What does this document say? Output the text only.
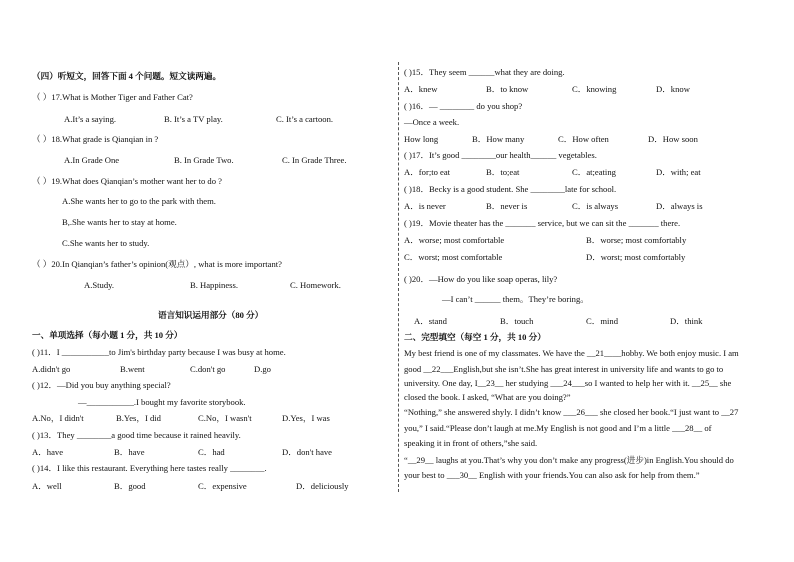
（四）听短文，回答下面 4 个问题。短文读两遍。
（ ）17.What is Mother Tiger and Father Cat?
A.It’s a saying.	B. It’s a TV play.	C. It’s a cartoon.
（ ）18.What grade is Qianqian in ?
A.In Grade One	B. In Grade Two.	C. In Grade Three.
（ ）19.What does Qianqian’s mother want her to do ?
A.She wants her to go to the park with them.
B,.She wants her to stay at home.
C.She wants her to study.
（ ）20.In Qianqian’s father’s opinion(观点）, what is more important?
A.Study.	B. Happiness.	C. Homework.
语言知识运用部分（80 分）
一、单项选择（每小题 1 分，共 10 分）
( )11．I ___________to Jim's birthday party because I was busy at home.
A.didn't go	B.went	C.don't go	D.go
( )12．—Did you buy anything special?
—___________.I bought my favorite storybook.
A.No，I didn't	B.Yes，I did	C.No，I wasn't	D.Yes，I was
( )13．They ________a good time because it rained heavily.
A．have	B．have	C．had	D．don't have
( )14．I like this restaurant. Everything here tastes really ________.
A．well	B．good	C．expensive	D．deliciously
( )15．They seem ______what they are doing.
A．knew	B．to know	C．knowing	D．know
( )16．— ________ do you shop?
—Once a week.
How long	B．How many	C．How often	D．How soon
( )17．It’s good ________our health______ vegetables.
A．for;to eat	B．to;eat	C．at;eating	D．with; eat
( )18．Becky is a good student. She ________late for school.
A．is never	B．never is	C．is always	D．always is
( )19．Movie theater has the _______ service, but we can sit the _______ there.
A．worse; most comfortable	B．worse; most comfortably
C．worst; most comfortable	D．worst; most comfortably
( )20．—How do you like soap operas, lily?
—I can’t ______ them。They’re boring。
A．stand	B．touch	C．mind	D．think
二、完型填空（每空 1 分，共 10 分）
My best friend is one of my classmates. We have the __21____hobby. We both enjoy music. I am
good __22___English,but she isn’t.She has great interest in university life and wants to go to
university. One day, I__23__ her studying ___24___so I wanted to help her with it. __25__ she
closed the book. I asked, “What are you doing?”
“Nothing,” she answered shyly. I didn’t know ___26___ she closed her book.“I just want to __27
you,” I said.“Please don’t laugh at me.My English is not good and I’m a little ___28__ of
speaking it in front of others,”she said.
“__29__ laughs at you.That’s why you don’t make any progress(进步)in English.You should do
your best to ___30__ English with your friends.You can also ask for help from them.”
